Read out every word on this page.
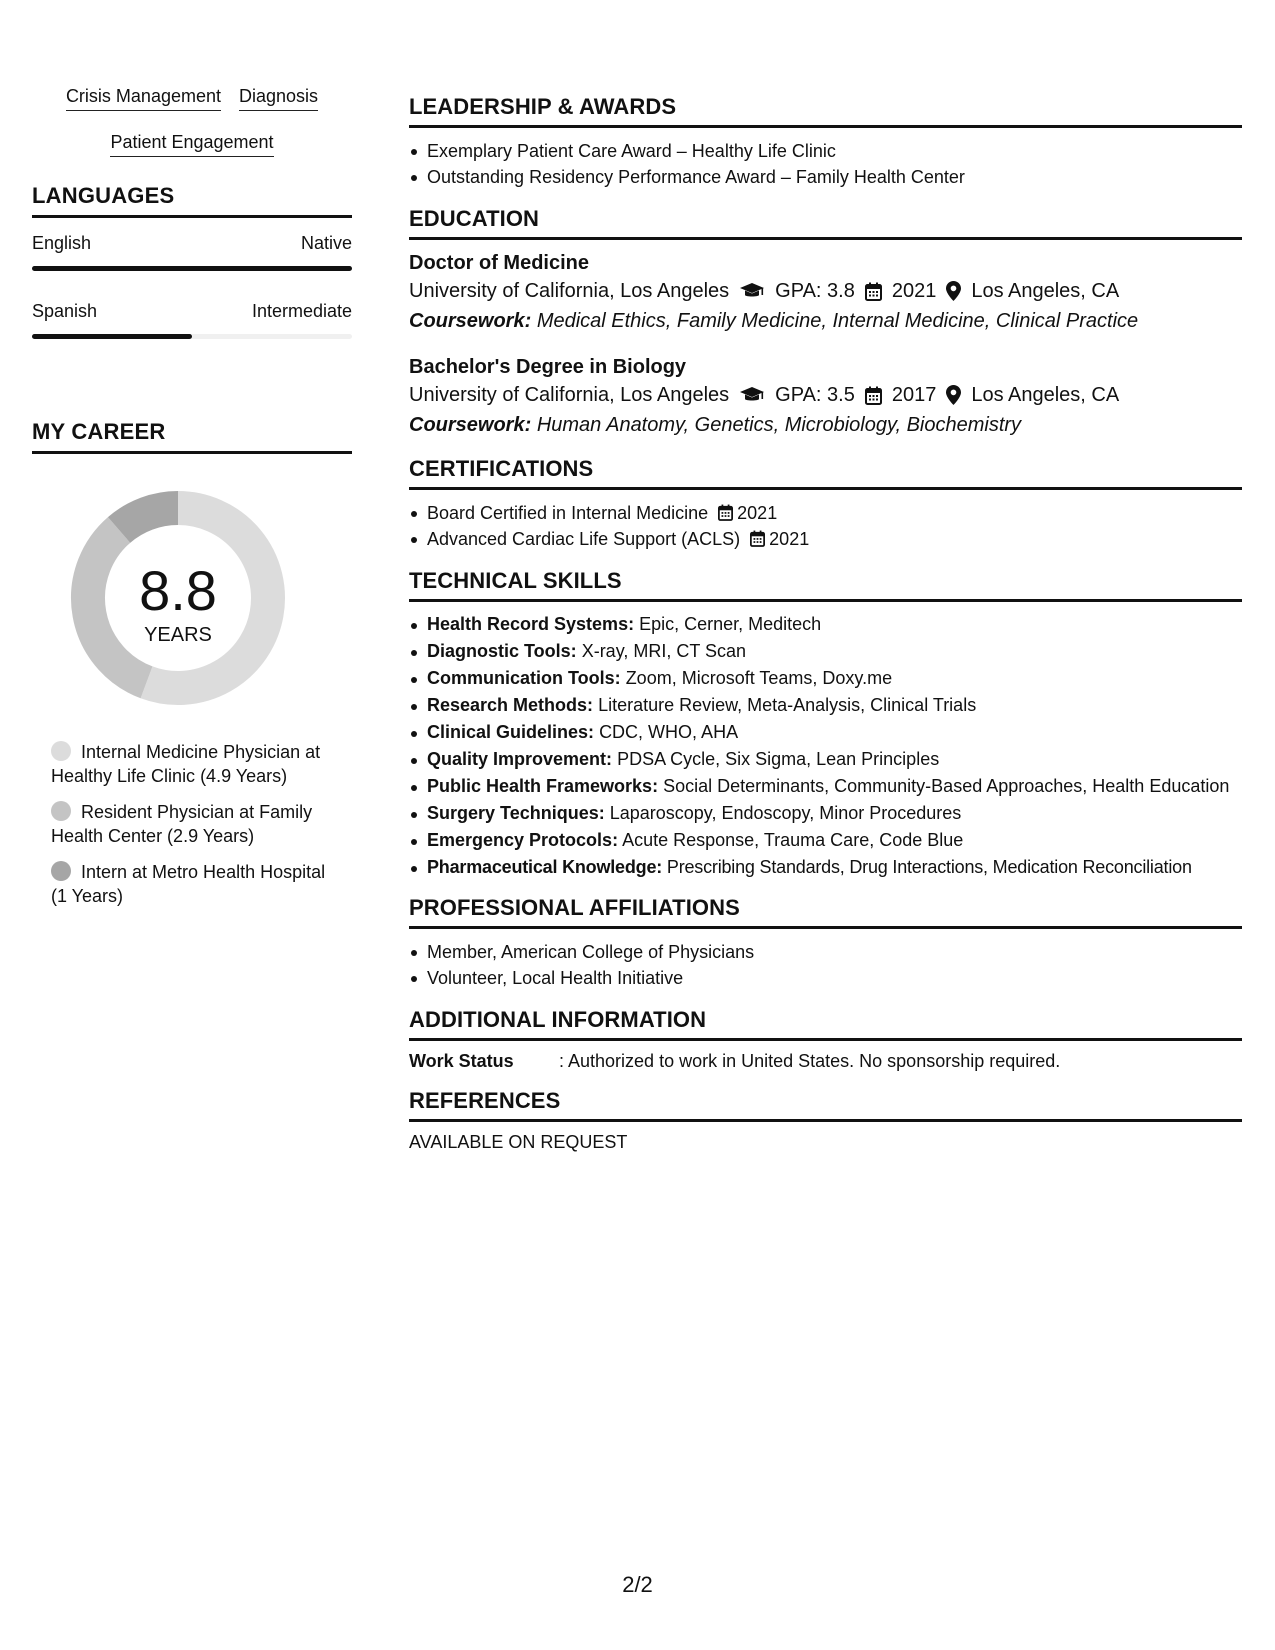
Crisis Management Diagnosis
Patient Engagement
LANGUAGES
English	Native
Spanish	Intermediate
MY CAREER
8.8
YEARS
Internal Medicine Physician at Healthy Life Clinic (4.9 Years)
Resident Physician at Family Health Center (2.9 Years)
Intern at Metro Health Hospital (1 Years)
LEADERSHIP & AWARDS
Exemplary Patient Care Award – Healthy Life Clinic
Outstanding Residency Performance Award – Family Health Center
EDUCATION
Doctor of Medicine
University of California, Los Angeles GPA: 3.8 2021 Los Angeles, CA
Coursework: Medical Ethics, Family Medicine, Internal Medicine, Clinical Practice
Bachelor's Degree in Biology
University of California, Los Angeles GPA: 3.5 2017 Los Angeles, CA
Coursework: Human Anatomy, Genetics, Microbiology, Biochemistry
CERTIFICATIONS
Board Certified in Internal Medicine 2021
Advanced Cardiac Life Support (ACLS) 2021
TECHNICAL SKILLS
Health Record Systems: Epic, Cerner, Meditech
Diagnostic Tools: X-ray, MRI, CT Scan
Communication Tools: Zoom, Microsoft Teams, Doxy.me
Research Methods: Literature Review, Meta-Analysis, Clinical Trials
Clinical Guidelines: CDC, WHO, AHA
Quality Improvement: PDSA Cycle, Six Sigma, Lean Principles
Public Health Frameworks: Social Determinants, Community-Based Approaches, Health Education
Surgery Techniques: Laparoscopy, Endoscopy, Minor Procedures
Emergency Protocols: Acute Response, Trauma Care, Code Blue
Pharmaceutical Knowledge: Prescribing Standards, Drug Interactions, Medication Reconciliation
PROFESSIONAL AFFILIATIONS
Member, American College of Physicians
Volunteer, Local Health Initiative
ADDITIONAL INFORMATION
Work Status	: Authorized to work in United States. No sponsorship required.
REFERENCES
AVAILABLE ON REQUEST
2/2
